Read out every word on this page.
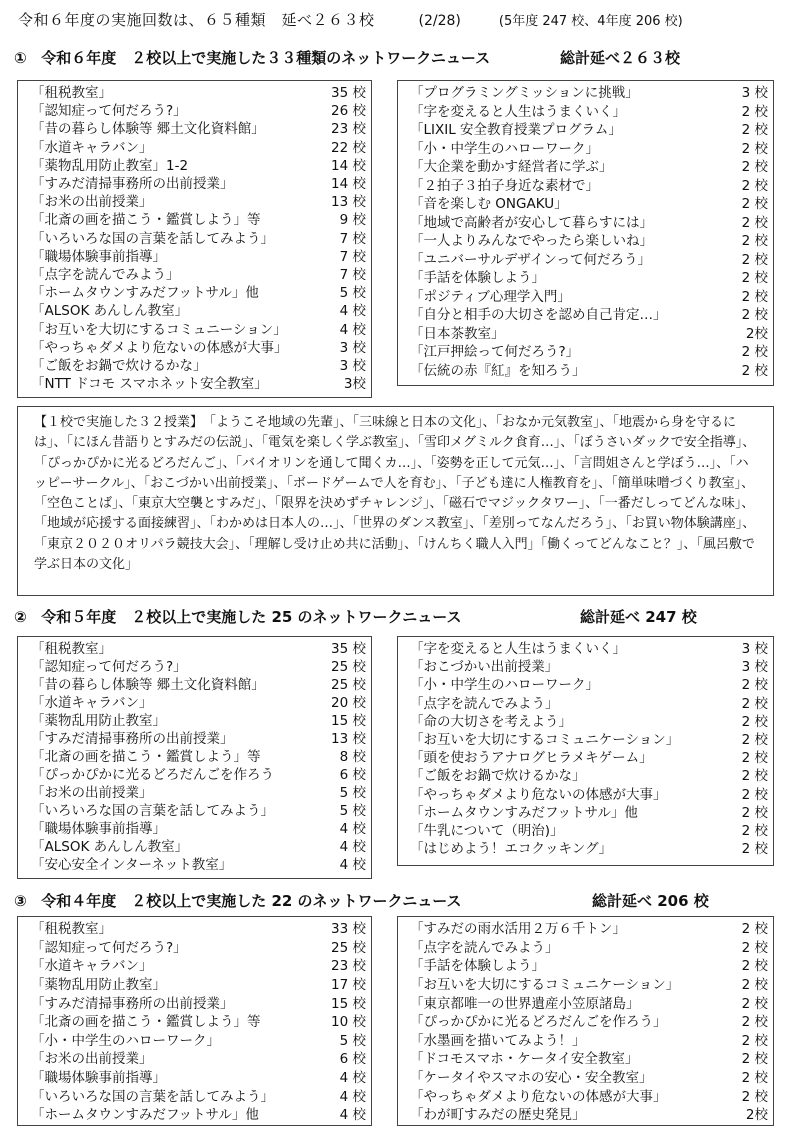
令和６年度の実施回数は、６５種類　延べ２６３校	(2/28)	(5年度 247 校、4年度 206 校)
① 令和６年度　２校以上で実施した３３種類のネットワークニュース	総計延べ２６３校
「租税教室」	35 校
「認知症って何だろう?」	26 校
「昔の暮らし体験等 郷土文化資料館」	23 校
「水道キャラバン」	22 校
「薬物乱用防止教室」1-2	14 校
「すみだ清掃事務所の出前授業」	14 校
「お米の出前授業」	13 校
「北斎の画を描こう・鑑賞しよう」等	9 校
「いろいろな国の言葉を話してみよう」	7 校
「職場体験事前指導」	7 校
「点字を読んでみよう」	7 校
「ホームタウンすみだフットサル」他	5 校
「ALSOK あんしん教室」	4 校
「お互いを大切にするコミュニーション」	4 校
「やっちゃダメより危ないの体感が大事」	3 校
「ご飯をお鍋で炊けるかな」	3 校
「NTT ドコモ スマホネット安全教室」	3校
「プログラミングミッションに挑戦」	3 校
「字を変えると人生はうまくいく」	2 校
「LIXIL 安全教育授業プログラム」	2 校
「小・中学生のハローワーク」	2 校
「大企業を動かす経営者に学ぶ」	2 校
「２拍子３拍子身近な素材で」	2 校
「音を楽しむ ONGAKU」	2 校
「地域で高齢者が安心して暮らすには」	2 校
「一人よりみんなでやったら楽しいね」	2 校
「ユニバーサルデザインって何だろう」	2 校
「手話を体験しよう」	2 校
「ポジティブ心理学入門」	2 校
「自分と相手の大切さを認め自己肯定…」	2 校
「日本茶教室」	2校
「江戸押絵って何だろう?」	2 校
「伝統の赤『紅』を知ろう」	2 校
【１校で実施した３２授業】　「ようこそ地域の先輩」、「三味線と日本の文化」、「おなか元気教室」、「地震から身を守るには」、「にほん昔語りとすみだの伝説」、「電気を楽しく学ぶ教室」、「雪印メグミルク食育…」、「ぼうさいダックで安全指導」、「ぴっかぴかに光るどろだんご」、「バイオリンを通して聞くカ…」、「姿勢を正して元気…」、「言問姐さんと学ぼう…」、「ハッピーサークル」、「おこづかい出前授業」、「ボードゲームで人を育む」、「子ども達に人権教育を」、「簡単味噌づくり教室」、「空色ことば」、「東京大空襲とすみだ」、「限界を決めずチャレンジ」、「磁石でマジックタワー」、「一番だしってどんな味」、「地域が応援する面接練習」、「わかめは日本人の…」、「世界のダンス教室」、「差別ってなんだろう」、「お買い物体験講座」、「東京２０２０オリパラ競技大会」、「理解し受け止め共に活動」、「けんちく職人入門」「働くってどんなこと？」、「風呂敷で学ぶ日本の文化」
② 令和５年度　２校以上で実施した 25 のネットワークニュース	総計延べ 247 校
「租税教室」	35 校
「認知症って何だろう?」	25 校
「昔の暮らし体験等 郷土文化資料館」	25 校
「水道キャラバン」	20 校
「薬物乱用防止教室」	15 校
「すみだ清掃事務所の出前授業」	13 校
「北斎の画を描こう・鑑賞しよう」等	8 校
「ぴっかぴかに光るどろだんごを作ろう	6 校
「お米の出前授業」	5 校
「いろいろな国の言葉を話してみよう」	5 校
「職場体験事前指導」	4 校
「ALSOK あんしん教室」	4 校
「安心安全インターネット教室」	4 校
「字を変えると人生はうまくいく」	3 校
「おこづかい出前授業」	3 校
「小・中学生のハローワーク」	2 校
「点字を読んでみよう」	2 校
「命の大切さを考えよう」	2 校
「お互いを大切にするコミュニケーション」	2 校
「頭を使おうアナログヒラメキゲーム」	2 校
「ご飯をお鍋で炊けるかな」	2 校
「やっちゃダメより危ないの体感が大事」	2 校
「ホームタウンすみだフットサル」他	2 校
「牛乳について（明治)」	2 校
「はじめよう！エコクッキング」	2 校
③ 令和４年度　２校以上で実施した 22 のネットワークニュース	総計延べ 206 校
「租税教室」	33 校
「認知症って何だろう?」	25 校
「水道キャラバン」	23 校
「薬物乱用防止教室」	17 校
「すみだ清掃事務所の出前授業」	15 校
「北斎の画を描こう・鑑賞しよう」等	10 校
「小・中学生のハローワーク」	5 校
「お米の出前授業」	6 校
「職場体験事前指導」	4 校
「いろいろな国の言葉を話してみよう」	4 校
「ホームタウンすみだフットサル」他	4 校
「すみだの雨水活用２万６千トン」	2 校
「点字を読んでみよう」	2 校
「手話を体験しよう」	2 校
「お互いを大切にするコミュニケーション」	2 校
「東京都唯一の世界遺産小笠原諸島」	2 校
「ぴっかぴかに光るどろだんごを作ろう」	2 校
「水墨画を描いてみよう！」	2 校
「ドコモスマホ・ケータイ安全教室」	2 校
「ケータイやスマホの安心・安全教室」	2 校
「やっちゃダメより危ないの体感が大事」	2 校
「わが町すみだの歴史発見」	2校
